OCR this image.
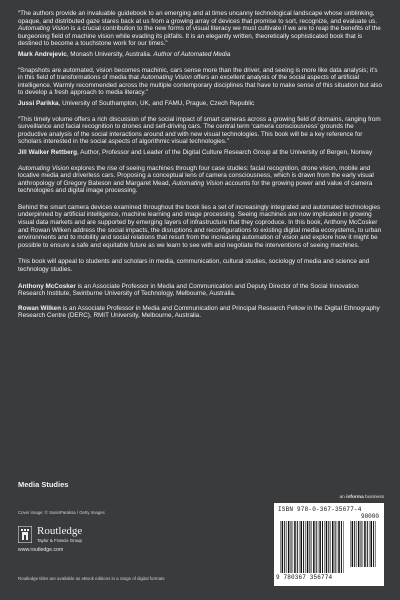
“The authors provide an invaluable guidebook to an emerging and at times uncanny technological landscape whose unblinking, opaque, and distributed gaze stares back at us from a growing array of devices that promise to sort, recognize, and evaluate us. Automating Vision is a crucial contribution to the new forms of visual literacy we must cultivate if we are to reap the benefits of the burgeoning field of machine vision while evading its pitfalls. It is an elegantly written, theoretically sophisticated book that is destined to become a touchstone work for our times.”

Mark Andrejevic, Monash University, Australia. Author of Automated Media

“Snapshots are automated, vision becomes machinic, cars sense more than the driver, and seeing is more like data analysis; it’s in this field of transformations of media that Automating Vision offers an excellent analysis of the social aspects of artificial intelligence. Warmly recommended across the multiple contemporary disciplines that have to make sense of this situation but also to develop a fresh approach to media literacy.”

Jussi Parikka, University of Southampton, UK, and FAMU, Prague, Czech Republic

“This timely volume offers a rich discussion of the social impact of smart cameras across a growing field of domains, ranging from surveillance and facial recognition to drones and self-driving cars. The central term ‘camera consciousness’ grounds the productive analysis of the social interactions around and with new visual technologies. This book will be a key reference for scholars interested in the social aspects of algorithmic visual technologies.”

Jill Walker Rettberg, Author, Professor and Leader of the Digital Culture Research Group at the University of Bergen, Norway

Automating Vision explores the rise of seeing machines through four case studies: facial recognition, drone vision, mobile and locative media and driverless cars. Proposing a conceptual lens of camera consciousness, which is drawn from the early visual anthropology of Gregory Bateson and Margaret Mead, Automating Vision accounts for the growing power and value of camera technologies and digital image processing.

Behind the smart camera devices examined throughout the book lies a set of increasingly integrated and automated technologies underpinned by artificial intelligence, machine learning and image processing. Seeing machines are now implicated in growing visual data markets and are supported by emerging layers of infrastructure that they coproduce. In this book, Anthony McCosker and Rowan Wilken address the social impacts, the disruptions and reconfigurations to existing digital media ecosystems, to urban environments and to mobility and social relations that result from the increasing automation of vision and explore how it might be possible to ensure a safe and equitable future as we learn to see with and negotiate the interventions of seeing machines.

This book will appeal to students and scholars in media, communication, cultural studies, sociology of media and science and technology studies.

Anthony McCosker is an Associate Professor in Media and Communication and Deputy Director of the Social Innovation Research Institute, Swinburne University of Technology, Melbourne, Australia.

Rowan Wilken is an Associate Professor in Media and Communication and Principal Research Fellow in the Digital Ethnography Research Centre (DERC), RMIT University, Melbourne, Australia.

Media Studies
an informa business
Cover image: © SasinParaksa / Getty Images
Routledge
Taylor & Francis Group
www.routledge.com
Routledge titles are available as eBook editions in a range of digital formats
ISBN 978-0-367-35677-4
90000
9 780367 356774
